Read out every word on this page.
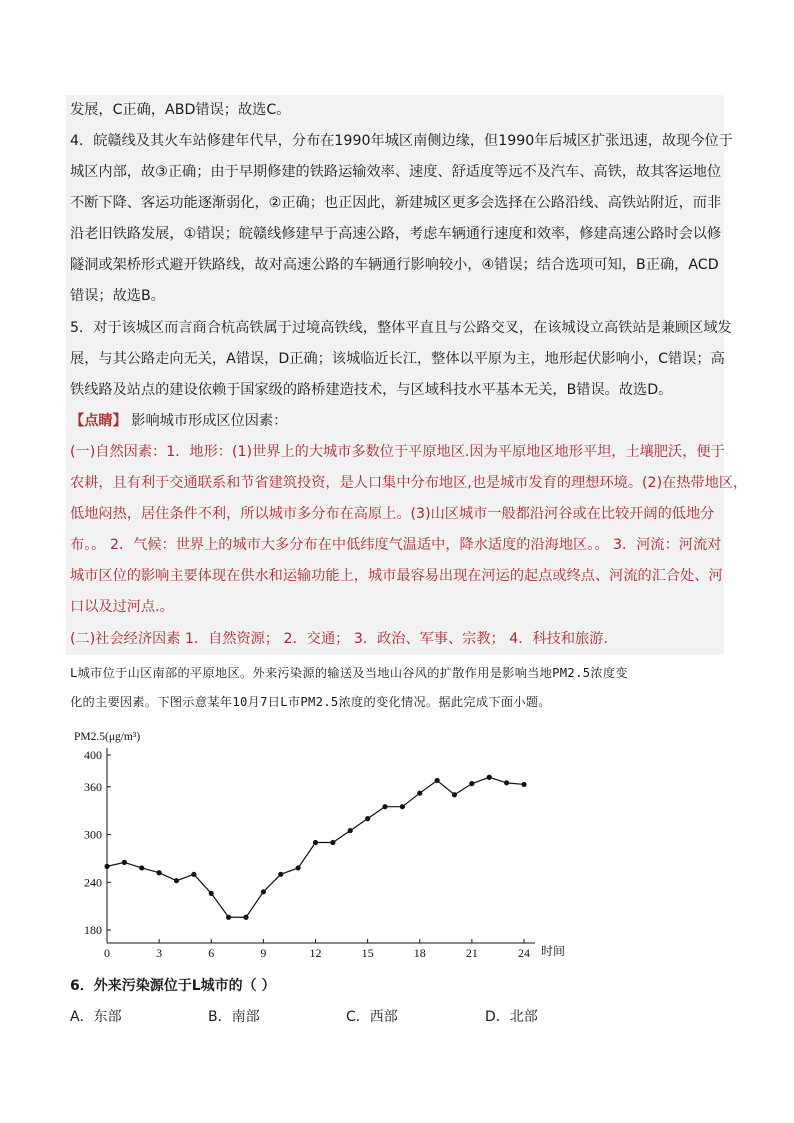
发展，C正确，ABD错误；故选C。
4．皖赣线及其火车站修建年代早，分布在1990年城区南侧边缘，但1990年后城区扩张迅速，故现今位于
城区内部，故③正确；由于早期修建的铁路运输效率、速度、舒适度等远不及汽车、高铁，故其客运地位
不断下降、客运功能逐渐弱化，②正确；也正因此，新建城区更多会选择在公路沿线、高铁站附近，而非
沿老旧铁路发展，①错误；皖赣线修建早于高速公路，考虑车辆通行速度和效率，修建高速公路时会以修
隧洞或架桥形式避开铁路线，故对高速公路的车辆通行影响较小，④错误；结合选项可知，B正确，ACD
错误；故选B。
5．对于该城区而言商合杭高铁属于过境高铁线，整体平直且与公路交叉，在该城设立高铁站是兼顾区域发
展，与其公路走向无关，A错误，D正确；该城临近长江，整体以平原为主，地形起伏影响小，C错误；高
铁线路及站点的建设依赖于国家级的路桥建造技术，与区域科技水平基本无关，B错误。故选D。
【点睛】 影响城市形成区位因素：
(一)自然因素：1．地形：(1)世界上的大城市多数位于平原地区.因为平原地区地形平坦，土壤肥沃，便于
农耕，且有利于交通联系和节省建筑投资，是人口集中分布地区,也是城市发育的理想环境。(2)在热带地区，
低地闷热，居住条件不利，所以城市多分布在高原上。(3)山区城市一般都沿河谷或在比较开阔的低地分
布。。 2．气候：世界上的城市大多分布在中低纬度气温适中，降水适度的沿海地区。。 3．河流：河流对
城市区位的影响主要体现在供水和运输功能上，城市最容易出现在河运的起点或终点、河流的汇合处、河
口以及过河点.。
(二)社会经济因素 1．自然资源； 2．交通； 3．政治、军事、宗教； 4．科技和旅游.
L城市位于山区南部的平原地区。外来污染源的输送及当地山谷风的扩散作用是影响当地PM2.5浓度变
化的主要因素。下图示意某年10月7日L市PM2.5浓度的变化情况。据此完成下面小题。
PM2.5(μg/m³)
时间
180
240
300
360
400
0	3	6	9	12	15	18	21	24
6．外来污染源位于L城市的（ ）
A．东部	B．南部	C．西部	D．北部
